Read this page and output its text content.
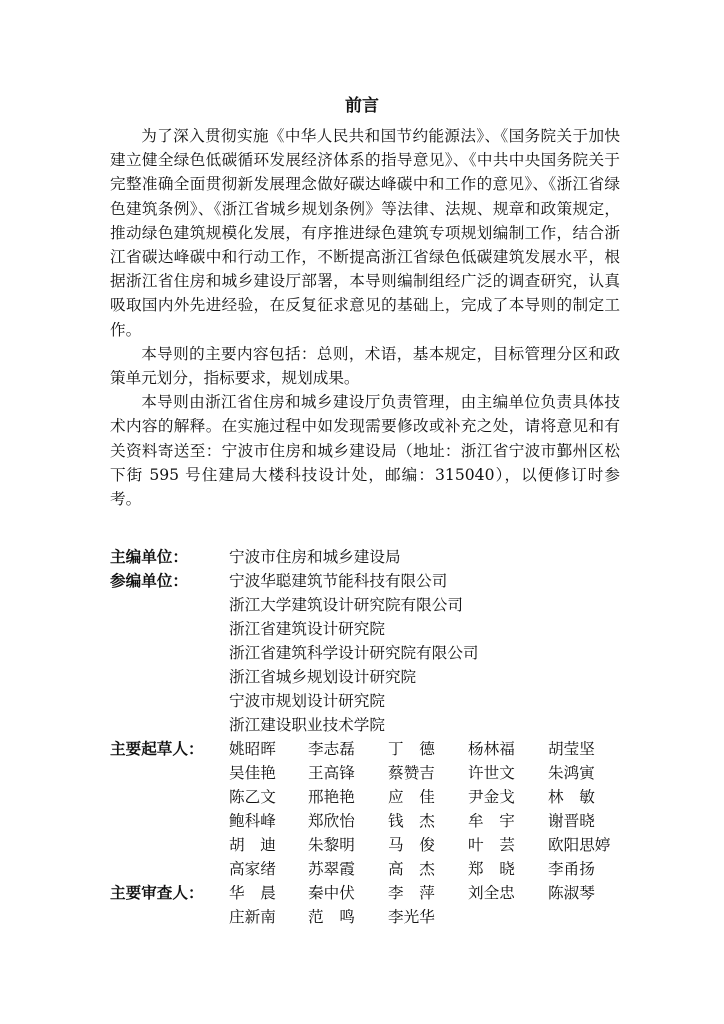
前言

为了深入贯彻实施《中华人民共和国节约能源法》、《国务院关于加快建立健全绿色低碳循环发展经济体系的指导意见》、《中共中央国务院关于完整准确全面贯彻新发展理念做好碳达峰碳中和工作的意见》、《浙江省绿色建筑条例》、《浙江省城乡规划条例》等法律、法规、规章和政策规定，推动绿色建筑规模化发展，有序推进绿色建筑专项规划编制工作，结合浙江省碳达峰碳中和行动工作，不断提高浙江省绿色低碳建筑发展水平，根据浙江省住房和城乡建设厅部署，本导则编制组经广泛的调查研究，认真吸取国内外先进经验，在反复征求意见的基础上，完成了本导则的制定工作。

本导则的主要内容包括：总则，术语，基本规定，目标管理分区和政策单元划分，指标要求，规划成果。

本导则由浙江省住房和城乡建设厅负责管理，由主编单位负责具体技术内容的解释。在实施过程中如发现需要修改或补充之处，请将意见和有关资料寄送至：宁波市住房和城乡建设局（地址：浙江省宁波市鄞州区松下街 595 号住建局大楼科技设计处，邮编：315040），以便修订时参考。

主编单位：	宁波市住房和城乡建设局
参编单位：	宁波华聪建筑节能科技有限公司
浙江大学建筑设计研究院有限公司
浙江省建筑设计研究院
浙江省建筑科学设计研究院有限公司
浙江省城乡规划设计研究院
宁波市规划设计研究院
浙江建设职业技术学院
主要起草人： 姚昭晖 李志磊 丁　德 杨林福 胡莹坚
吴佳艳 王高锋 蔡赞吉 许世文 朱鸿寅
陈乙文 邢艳艳 应　佳 尹金戈 林　敏
鲍科峰 郑欣怡 钱　杰 牟　宇 谢晋晓
胡　迪 朱黎明 马　俊 叶　芸 欧阳思婷
高家绪 苏翠霞 高　杰 郑　晓 李甬扬
主要审查人： 华　晨 秦中伏 李　萍 刘全忠 陈淑琴
庄新南 范　鸣 李光华
